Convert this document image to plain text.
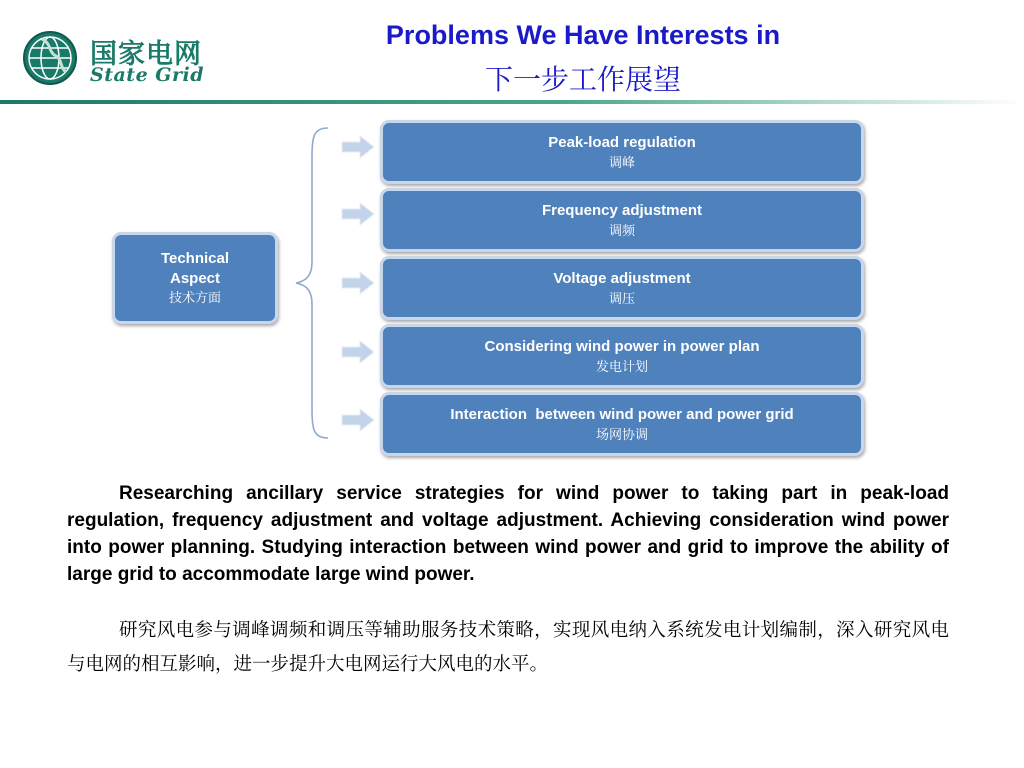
国家电网
State Grid
Problems We Have Interests in
下一步工作展望
Technical
Aspect
技术方面
Peak-load regulation
调峰
Frequency adjustment
调频
Voltage adjustment
调压
Considering wind power in power plan
发电计划
Interaction  between wind power and power grid
场网协调

Researching ancillary service strategies for wind power to taking part in peak-load regulation, frequency adjustment and voltage adjustment. Achieving consideration wind power into power planning. Studying interaction between wind power and grid to improve the ability of large grid to accommodate large wind power.

研究风电参与调峰调频和调压等辅助服务技术策略，实现风电纳入系统发电计划编制，深入研究风电与电网的相互影响，进一步提升大电网运行大风电的水平。
